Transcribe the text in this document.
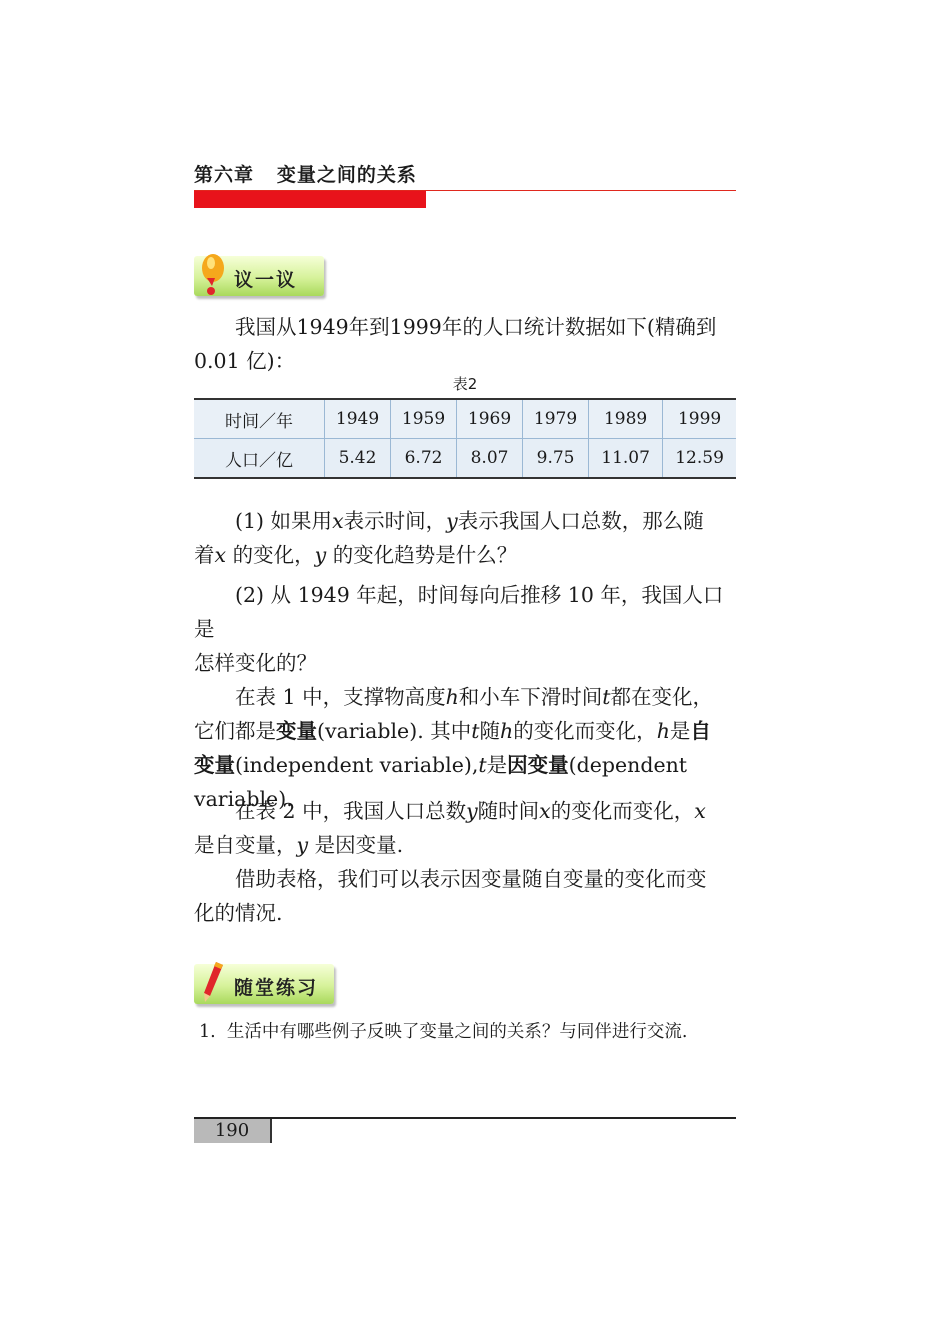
第六章 变量之间的关系
议一议

我国从1949年到1999年的人口统计数据如下(精确到

0.01 亿)：

表2
时间／年	1949	1959	1969	1979	1989	1999
人口／亿	5.42	6.72	8.07	9.75	11.07	12.59

(1) 如果用x表示时间，y表示我国人口总数，那么随

着x 的变化，y 的变化趋势是什么？

(2) 从 1949 年起，时间每向后推移 10 年，我国人口是

怎样变化的？

在表 1 中，支撑物高度h和小车下滑时间t都在变化，

它们都是变量(variable). 其中t随h的变化而变化，h是自

变量(independent variable),t是因变量(dependent variable).

在表 2 中，我国人口总数y随时间x的变化而变化，x

是自变量，y 是因变量.

借助表格，我们可以表示因变量随自变量的变化而变

化的情况.

随堂练习
1.  生活中有哪些例子反映了变量之间的关系？与同伴进行交流.
190
